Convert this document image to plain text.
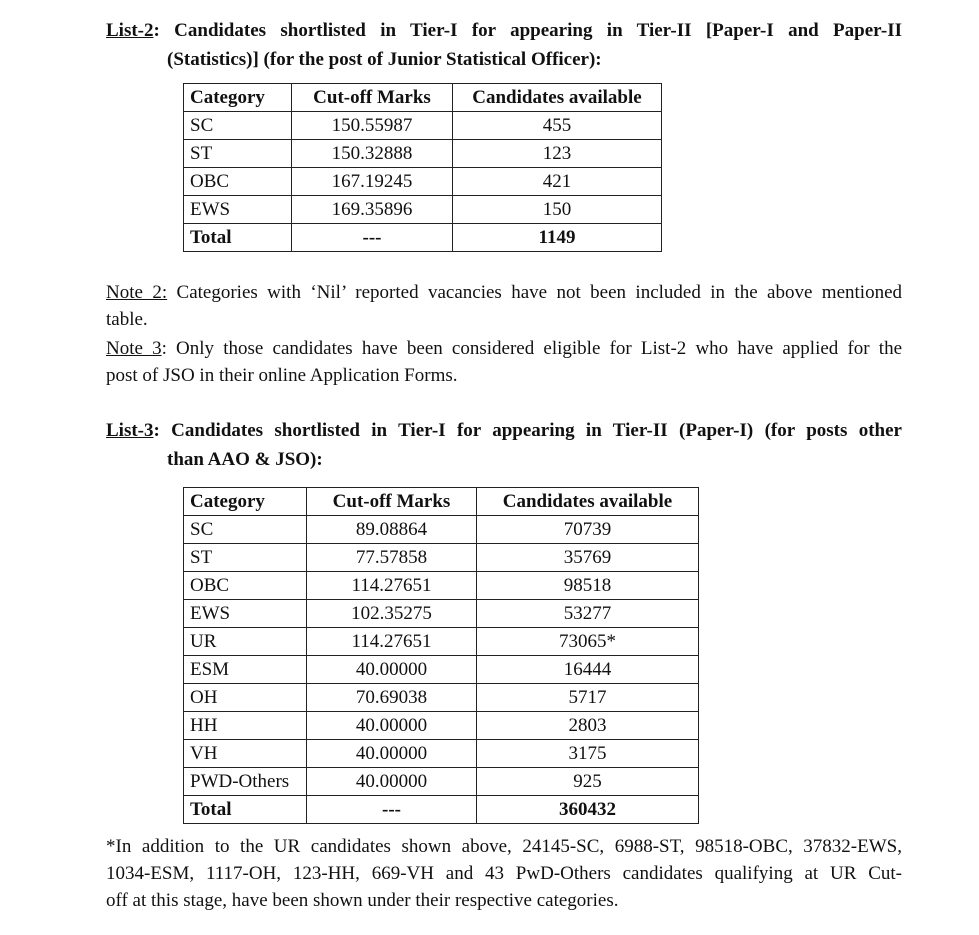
List-2: Candidates shortlisted in Tier-I for appearing in Tier-II [Paper-I and Paper-II
(Statistics)] (for the post of Junior Statistical Officer):
Category	Cut-off Marks	Candidates available
SC	150.55987	455
ST	150.32888	123
OBC	167.19245	421
EWS	169.35896	150
Total	---	1149
Note 2: Categories with ‘Nil’ reported vacancies have not been included in the above mentioned
table.
Note 3: Only those candidates have been considered eligible for List-2 who have applied for the
post of JSO in their online Application Forms.
List-3: Candidates shortlisted in Tier-I for appearing in Tier-II (Paper-I) (for posts other
than AAO & JSO):
Category	Cut-off Marks	Candidates available
SC	89.08864	70739
ST	77.57858	35769
OBC	114.27651	98518
EWS	102.35275	53277
UR	114.27651	73065*
ESM	40.00000	16444
OH	70.69038	5717
HH	40.00000	2803
VH	40.00000	3175
PWD-Others	40.00000	925
Total	---	360432
*In addition to the UR candidates shown above, 24145-SC, 6988-ST, 98518-OBC, 37832-EWS,
1034-ESM, 1117-OH, 123-HH, 669-VH and 43 PwD-Others candidates qualifying at UR Cut-
off at this stage, have been shown under their respective categories.
